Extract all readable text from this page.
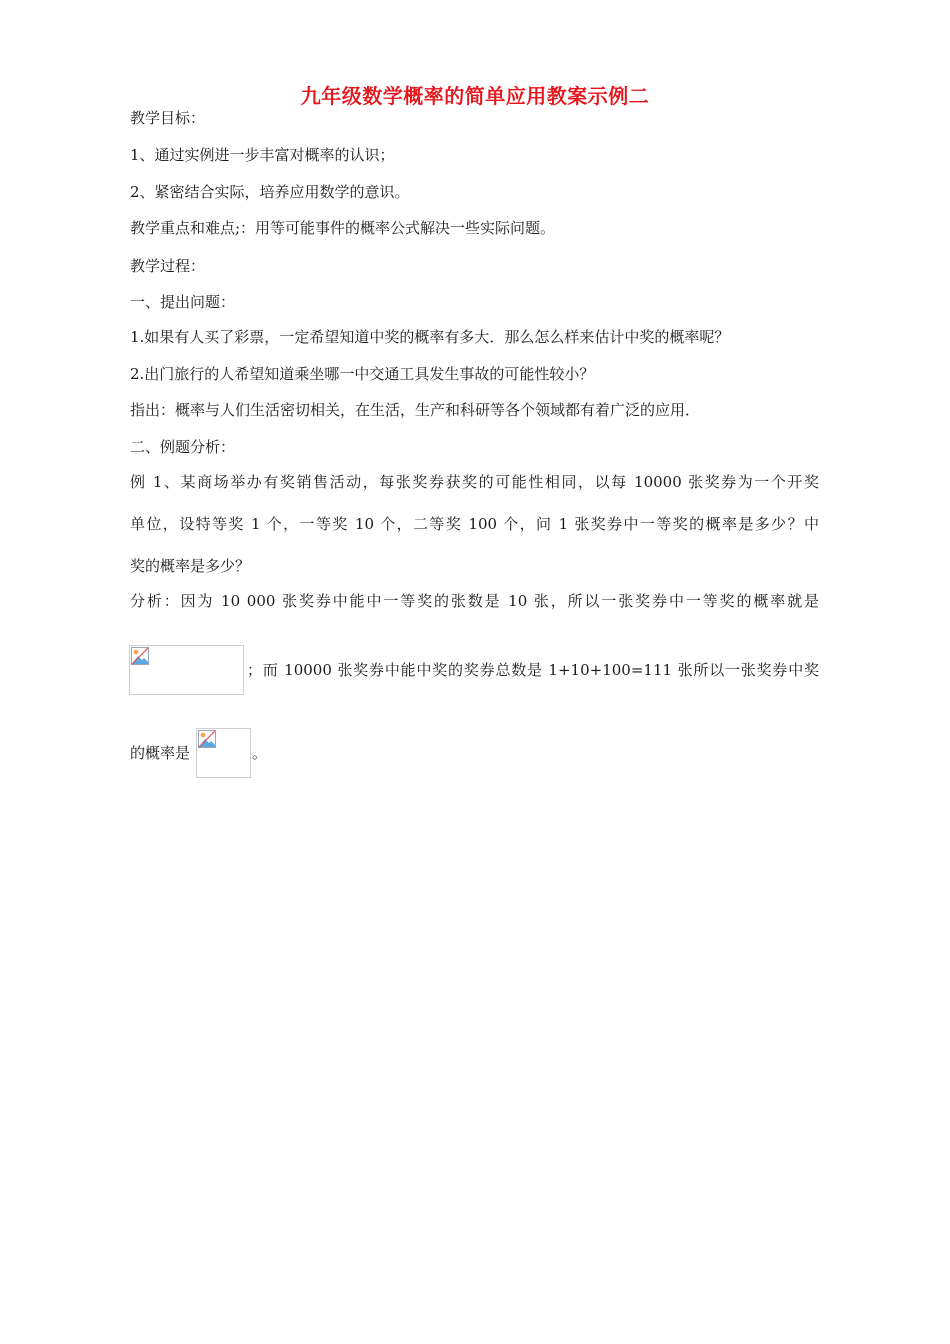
九年级数学概率的简单应用教案示例二
教学目标：
1、通过实例进一步丰富对概率的认识；
2、紧密结合实际，培养应用数学的意识。
教学重点和难点;：用等可能事件的概率公式解决一些实际问题。
教学过程：
一、提出问题：
1.如果有人买了彩票，一定希望知道中奖的概率有多大．那么怎么样来估计中奖的概率呢？
2.出门旅行的人希望知道乘坐哪一中交通工具发生事故的可能性较小？
指出：概率与人们生活密切相关，在生活，生产和科研等各个领域都有着广泛的应用．
二、例题分析：
例 1、某商场举办有奖销售活动，每张奖券获奖的可能性相同，以每 10000 张奖券为一个开奖
单位，设特等奖 1 个，一等奖 10 个，二等奖 100 个，问 1 张奖券中一等奖的概率是多少？中
奖的概率是多少？
分析：因为 10 000 张奖券中能中一等奖的张数是 10 张，所以一张奖券中一等奖的概率就是
；而 10000 张奖券中能中奖的奖券总数是 1+10+100=111 张所以一张奖券中奖
的概率是	。
